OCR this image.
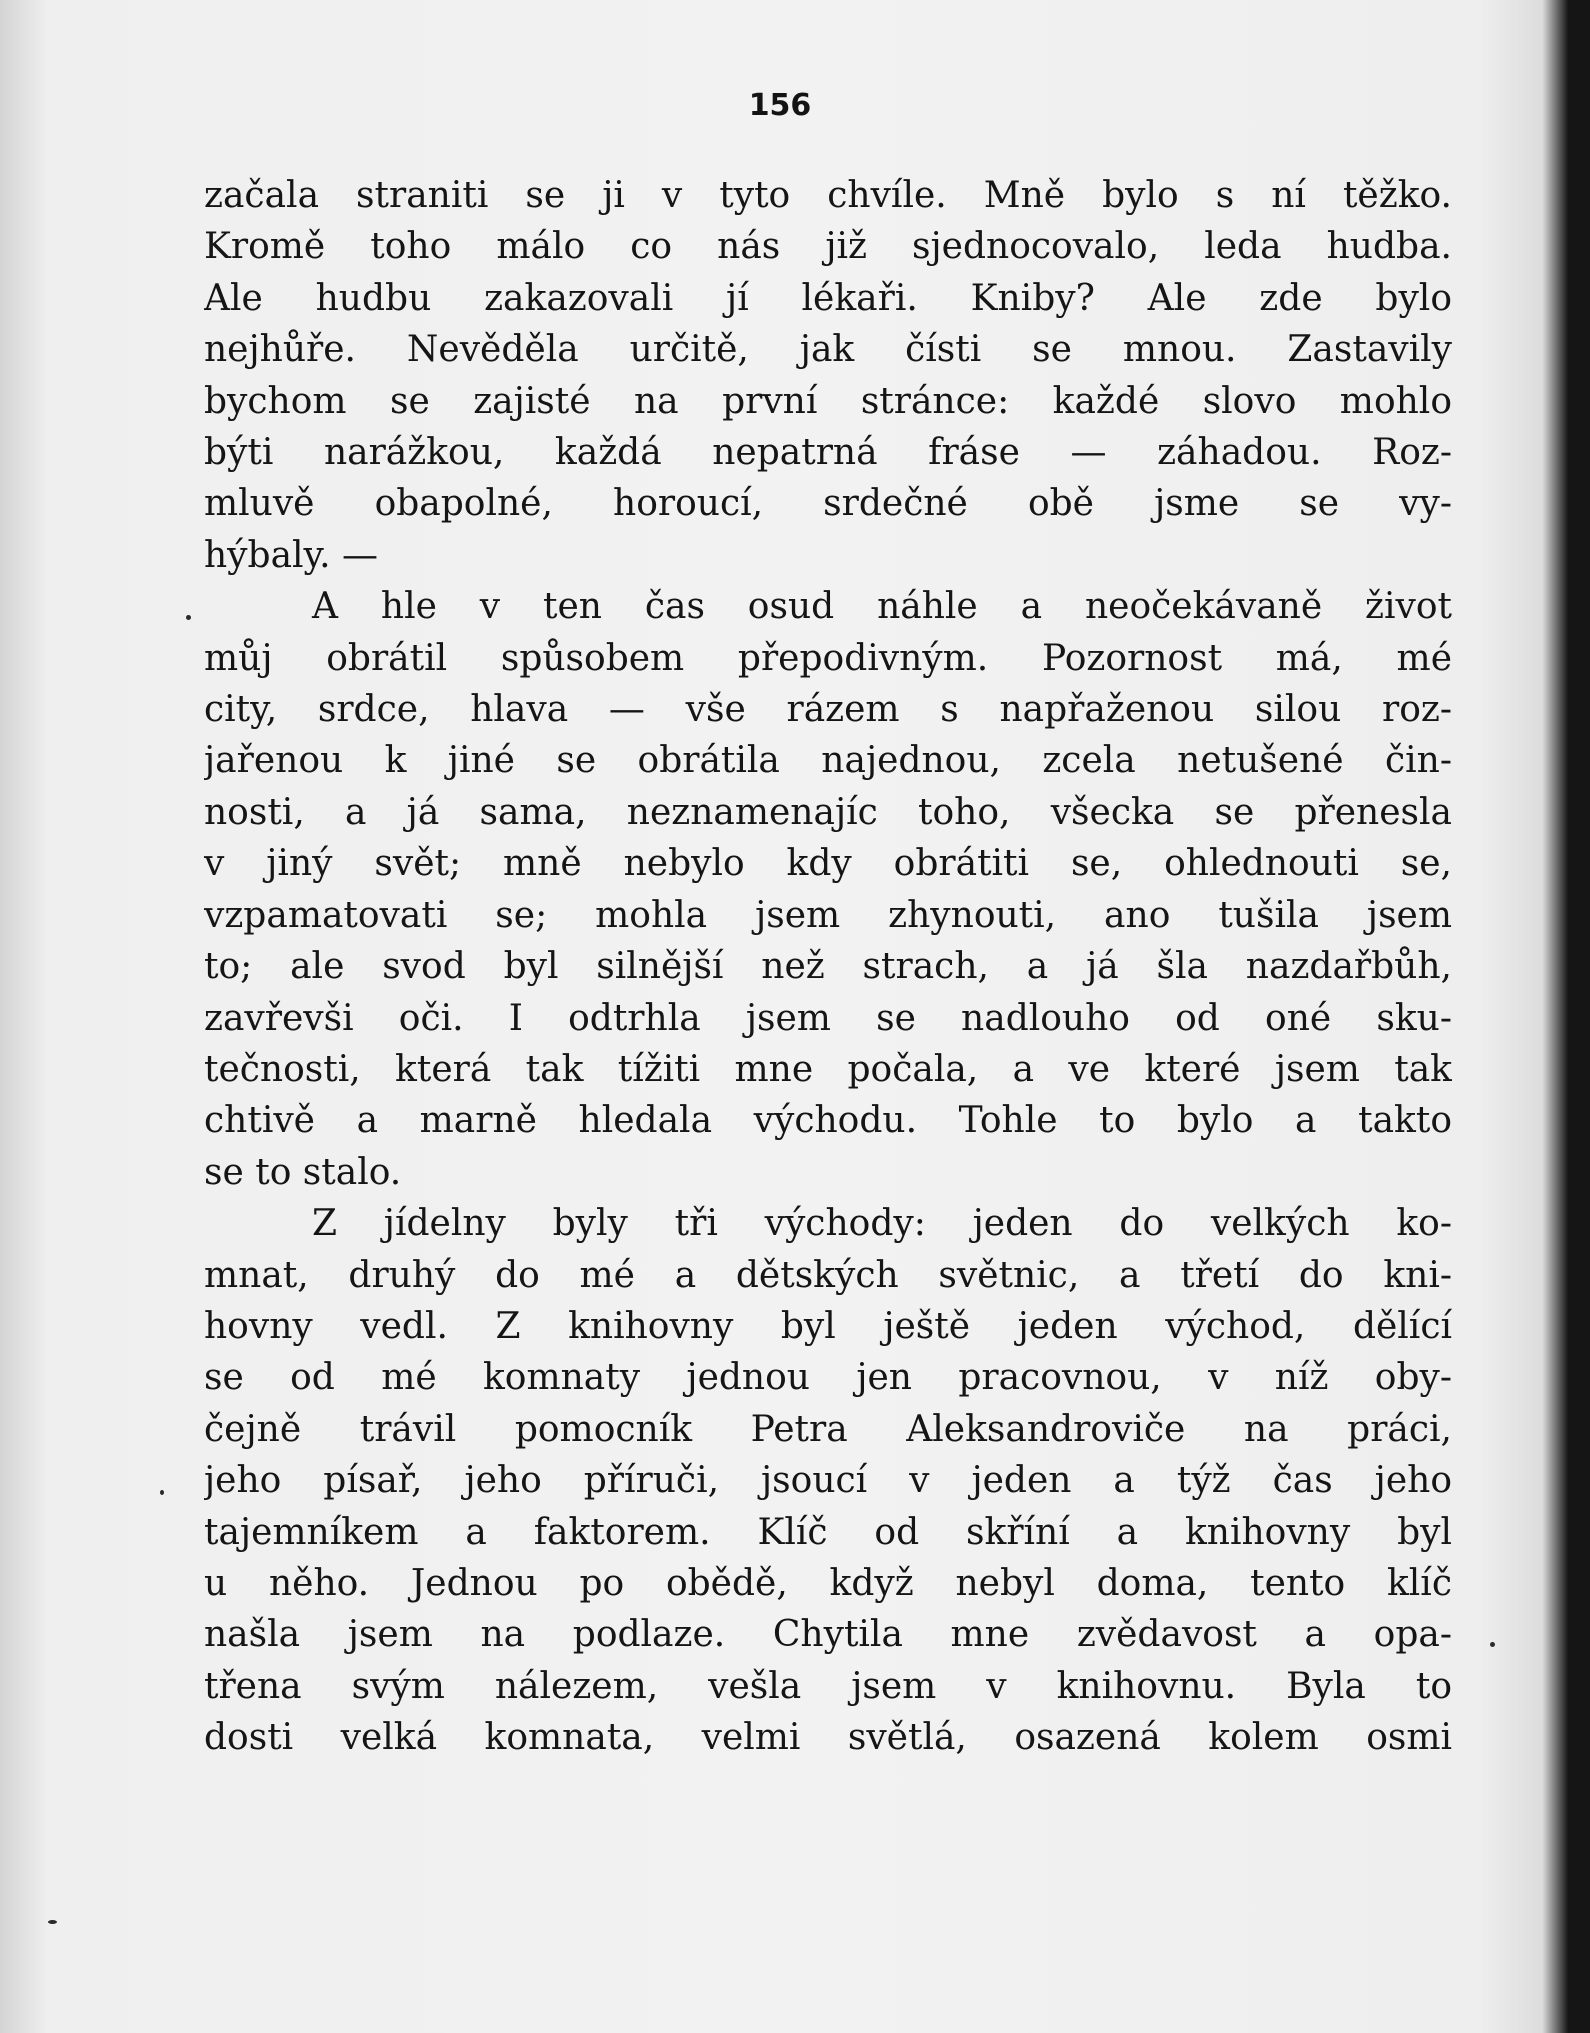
156
začala straniti se ji v tyto chvíle. Mně bylo s ní těžko.
Kromě toho málo co nás již sjednocovalo, leda hudba.
Ale hudbu zakazovali jí lékaři. Kniby? Ale zde bylo
nejhůře. Nevěděla určitě, jak čísti se mnou. Zastavily
bychom se zajisté na první stránce: každé slovo mohlo
býti narážkou, každá nepatrná fráse — záhadou. Roz-
mluvě obapolné, horoucí, srdečné obě jsme se vy-
hýbaly. —
A hle v ten čas osud náhle a neočekávaně život
můj obrátil spůsobem přepodivným. Pozornost má, mé
city, srdce, hlava — vše rázem s napřaženou silou roz-
jařenou k jiné se obrátila najednou, zcela netušené čin-
nosti, a já sama, neznamenajíc toho, všecka se přenesla
v jiný svět; mně nebylo kdy obrátiti se, ohlednouti se,
vzpamatovati se; mohla jsem zhynouti, ano tušila jsem
to; ale svod byl silnější než strach, a já šla nazdařbůh,
zavřevši oči. I odtrhla jsem se nadlouho od oné sku-
tečnosti, která tak tížiti mne počala, a ve které jsem tak
chtivě a marně hledala východu. Tohle to bylo a takto
se to stalo.
Z jídelny byly tři východy: jeden do velkých ko-
mnat, druhý do mé a dětských světnic, a třetí do kni-
hovny vedl. Z knihovny byl ještě jeden východ, dělící
se od mé komnaty jednou jen pracovnou, v níž oby-
čejně trávil pomocník Petra Aleksandroviče na práci,
jeho písař, jeho příruči, jsoucí v jeden a týž čas jeho
tajemníkem a faktorem. Klíč od skříní a knihovny byl
u něho. Jednou po obědě, když nebyl doma, tento klíč
našla jsem na podlaze. Chytila mne zvědavost a opa-
třena svým nálezem, vešla jsem v knihovnu. Byla to
dosti velká komnata, velmi světlá, osazená kolem osmi
